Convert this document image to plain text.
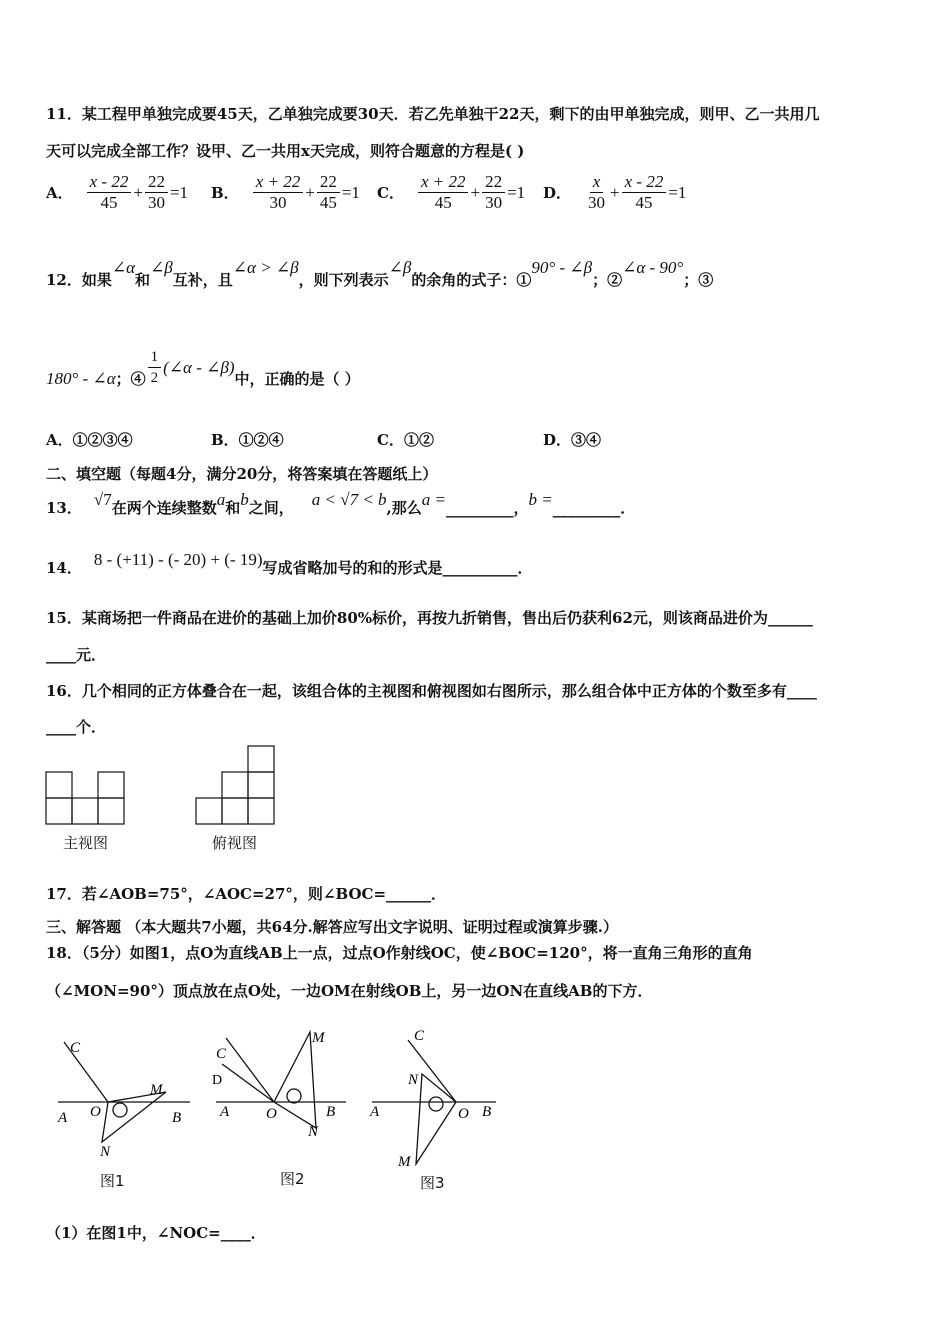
11．某工程甲单独完成要45天，乙单独完成要30天．若乙先单独干22天，剩下的由甲单独完成，则甲、乙一共用几
天可以完成全部工作？设甲、乙一共用x天完成，则符合题意的方程是( )
A． $\frac{x - 22}{45} + \frac{22}{30} =1$ B． $\frac{x + 22}{30} + \frac{22}{45} =1$ C． $\frac{x + 22}{45} + \frac{22}{30} =1$ D． $\frac{x}{30} + \frac{x - 22}{45} =1$
12．如果
∠α
和
∠β
互补，且
∠α > ∠β
，则下列表示
∠β
的余角的式子：①
90° - ∠β
；②
∠α - 90°
；③
180° - ∠α ；④ $\frac{1}{2}$ (∠α - ∠β)
中，正确的是（ ）
A．①②③④	B．①②④	C．①②	D．③④
二、填空题（每题4分，满分20分，将答案填在答题纸上）
13． √7 在两个连续整数 a 和 b 之间， a < √7 < b ,那么 a = _________ ， b = _________ ．
14． 8 - (+11) - (- 20) + (- 19) 写成省略加号的和的形式是__________．
15．某商场把一件商品在进价的基础上加价80%标价，再按九折销售，售出后仍获利62元，则该商品进价为______
____元．
16．几个相同的正方体叠合在一起，该组合体的主视图和俯视图如右图所示，那么组合体中正方体的个数至多有____
____个．
主视图	俯视图
17．若∠AOB=75°，∠AOC=27°，则∠BOC=______．
三、解答题 （本大题共7小题，共64分.解答应写出文字说明、证明过程或演算步骤.）
18．（5分）如图1，点O为直线AB上一点，过点O作射线OC，使∠BOC=120°，将一直角三角形的直角
（∠MON=90°）顶点放在点O处，一边OM在射线OB上，另一边ON在直线AB的下方．
A O	B
C
M
N
图1
A O	B
C
D
M
N
图2
A	O B
C
N
M
图3
（1）在图1中，∠NOC=____．
